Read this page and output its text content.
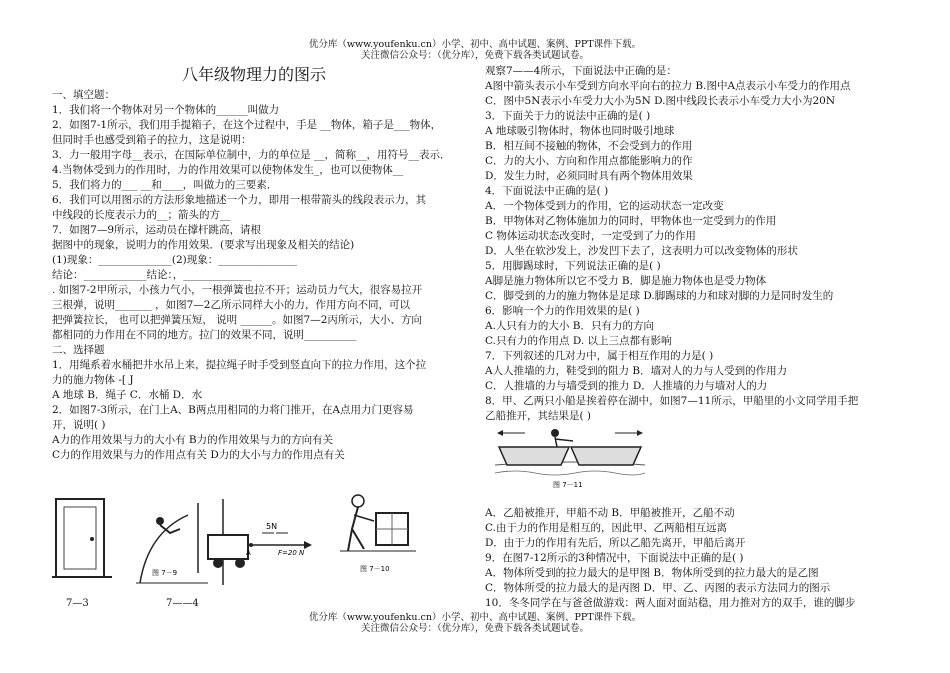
优分库（www.youfenku.cn）小学、初中、高中试题、案例、PPT课件下载。
关注微信公众号：（优分库），免费下载各类试题试卷。
八年级物理力的图示

一、填空题：

1．我们将一个物体对另一个物体的______叫做力

2．如图7-1所示，我们用手提箱子，在这个过程中，手是 __物体，箱子是___物体，

但同时手也感受到箱子的拉力，这是说明：

3．力一般用字母__表示，在国际单位制中，力的单位是 __，简称__，用符号__表示．

4.当物体受到力的作用时，力的作用效果可以使物体发生_，也可以使物体__

5．我们将力的___ __和____，叫做力的三要素．

6．我们可以用图示的方法形象地描述一个力，即用一根带箭头的线段表示力，其

中线段的长度表示力的__；箭头的方__

7．如图7—9所示，运动员在撑杆跳高，请根

据图中的现象，说明力的作用效果．(要求写出现象及相关的结论)

(1)现象：______________(2)现象：_______________

结论：____________结论：，_____________

. 如图7-2甲所示，小孩力气小，一根弹簧也拉不开；运动员力气大，很容易拉开

三根弹，说明_______ ，如图7—2乙所示同样大小的力，作用方向不同，可以

把弹簧拉长， 也可以把弹簧压短， 说明 ______。如图7—2丙所示，大小、方向

都相同的力作用在不同的地方。拉门的效果不同，说明__________

二、选择题

1．用绳系着水桶把井水吊上来，提拉绳子时手受到竖直向下的拉力作用，这个拉

力的施力物体 -[ J

A 地球 B．绳子 C．水桶 D．水

2．如图7-3所示，在门上A、B两点用相同的力将门推开，在A点用力门更容易

开，说明( )

A力的作用效果与力的大小有 B力的作用效果与力的方向有关

C力的作用效果与力的作用点有关 D力的大小与力的作用点有关

图 7－9
5N
F=20 N
A
图 7－10
7—3	7——4

观察7——4所示，下面说法中正确的是：

A图中箭头表示小车受到方向水平向右的拉力 B.图中A点表示小车受力的作用点

C．图中5N表示小车受力大小为5N D.图中线段长表示小车受力大小为20N

3．下面关于力的说法中正确的是( )

A 地球吸引物体时，物体也同时吸引地球

B．相互间不接触的物体，不会受到力的作用

C．力的大小、方向和作用点都能影响力的作

D．发生力时，必须同时具有两个物体用效果

4．下面说法中正确的是( )

A．一个物体受到力的作用，它的运动状态一定改变

B．甲物体对乙物体施加力的同时，甲物体也一定受到力的作用

C 物体运动状态改变时，一定受到了力的作用

D．人坐在软沙发上，沙发凹下去了，这表明力可以改变物体的形状

5．用脚踢球时，下列说法正确的是( )

A脚是施力物体所以它不受力 B．脚是施力物体也是受力物体

C．脚受到的力的施力物体是足球 D.脚踢球的力和球对脚的力是同时发生的

6．影响一个力的作用效果的是( )

A.人只有力的大小 B．只有力的方向

C.只有力的作用点 D. 以上三点都有影响

7．下列叙述的几对力中，属于相互作用的力是( )

A人人推墙的力，鞋受到的阻力 B．墙对人的力与人受到的作用力

C．人推墙的力与墙受到的推力 D．人推墙的力与墙对人的力

8．甲、乙两只小船是挨着停在湖中，如图7—11所示，甲船里的小文同学用手把

乙船推开，其结果是( )

图 7－11

A．乙船被推开，甲船不动 B．甲船被推开，乙船不动

C.由于力的作用是相互的，因此甲、乙两船相互远离

D．由于力的作用有先后，所以乙船先离开，甲船后离开

9．在图7-12所示的3种情况中，下面说法中正确的是( )

A．物体所受到的拉力最大的是甲图 B．物体所受到的拉力最大的是乙图

C．物体所受的拉力最大的是丙图 D．甲、乙、丙图的表示方法同力的图示

10．冬冬同学在与爸爸做游戏：两人面对面站稳，用力推对方的双手，谁的脚步

优分库（www.youfenku.cn）小学、初中、高中试题、案例、PPT课件下载。
关注微信公众号：（优分库），免费下载各类试题试卷。
